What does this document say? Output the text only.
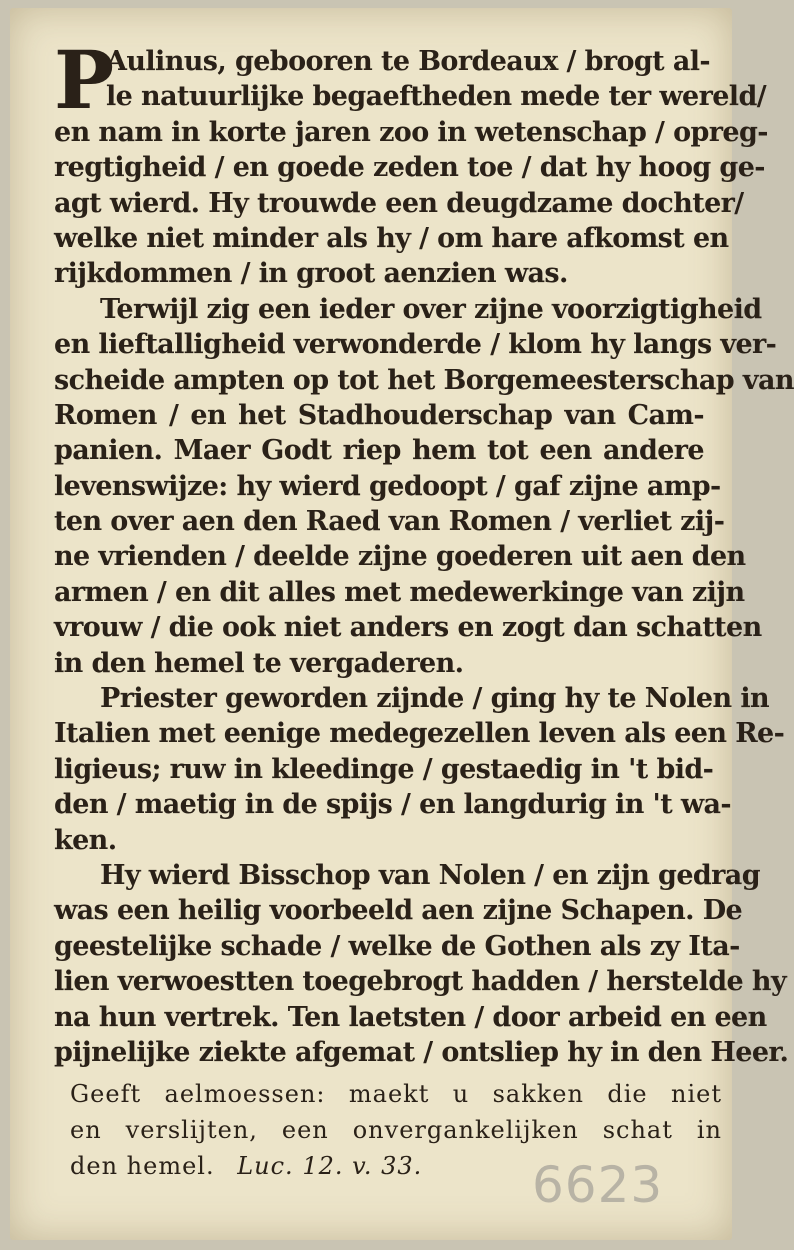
P
Aulinus, gebooren te Bordeaux / brogt al-
le natuurlijke begaeftheden mede ter wereld/
en nam in korte jaren zoo in wetenschap / opreg-
regtigheid / en goede zeden toe / dat hy hoog ge-
agt wierd. Hy trouwde een deugdzame dochter/
welke niet minder als hy / om hare afkomst en
rijkdommen / in groot aenzien was.
Terwijl zig een ieder over zijne voorzigtigheid
en lieftalligheid verwonderde / klom hy langs ver-
scheide ampten op tot het Borgemeesterschap van
Romen / en het Stadhouderschap van Cam-
panien. Maer Godt riep hem tot een andere
levenswijze: hy wierd gedoopt / gaf zijne amp-
ten over aen den Raed van Romen / verliet zij-
ne vrienden / deelde zijne goederen uit aen den
armen / en dit alles met medewerkinge van zijn
vrouw / die ook niet anders en zogt dan schatten
in den hemel te vergaderen.
Priester geworden zijnde / ging hy te Nolen in
Italien met eenige medegezellen leven als een Re-
ligieus; ruw in kleedinge / gestaedig in 't bid-
den / maetig in de spijs / en langdurig in 't wa-
ken.
Hy wierd Bisschop van Nolen / en zijn gedrag
was een heilig voorbeeld aen zijne Schapen. De
geestelijke schade / welke de Gothen als zy Ita-
lien verwoestten toegebrogt hadden / herstelde hy
na hun vertrek. Ten laetsten / door arbeid en een
pijnelijke ziekte afgemat / ontsliep hy in den Heer.
Geeft aelmoessen: maekt u sakken die niet
en verslijten, een onvergankelijken schat in
den hemel. Luc. 12. v. 33.	6623
